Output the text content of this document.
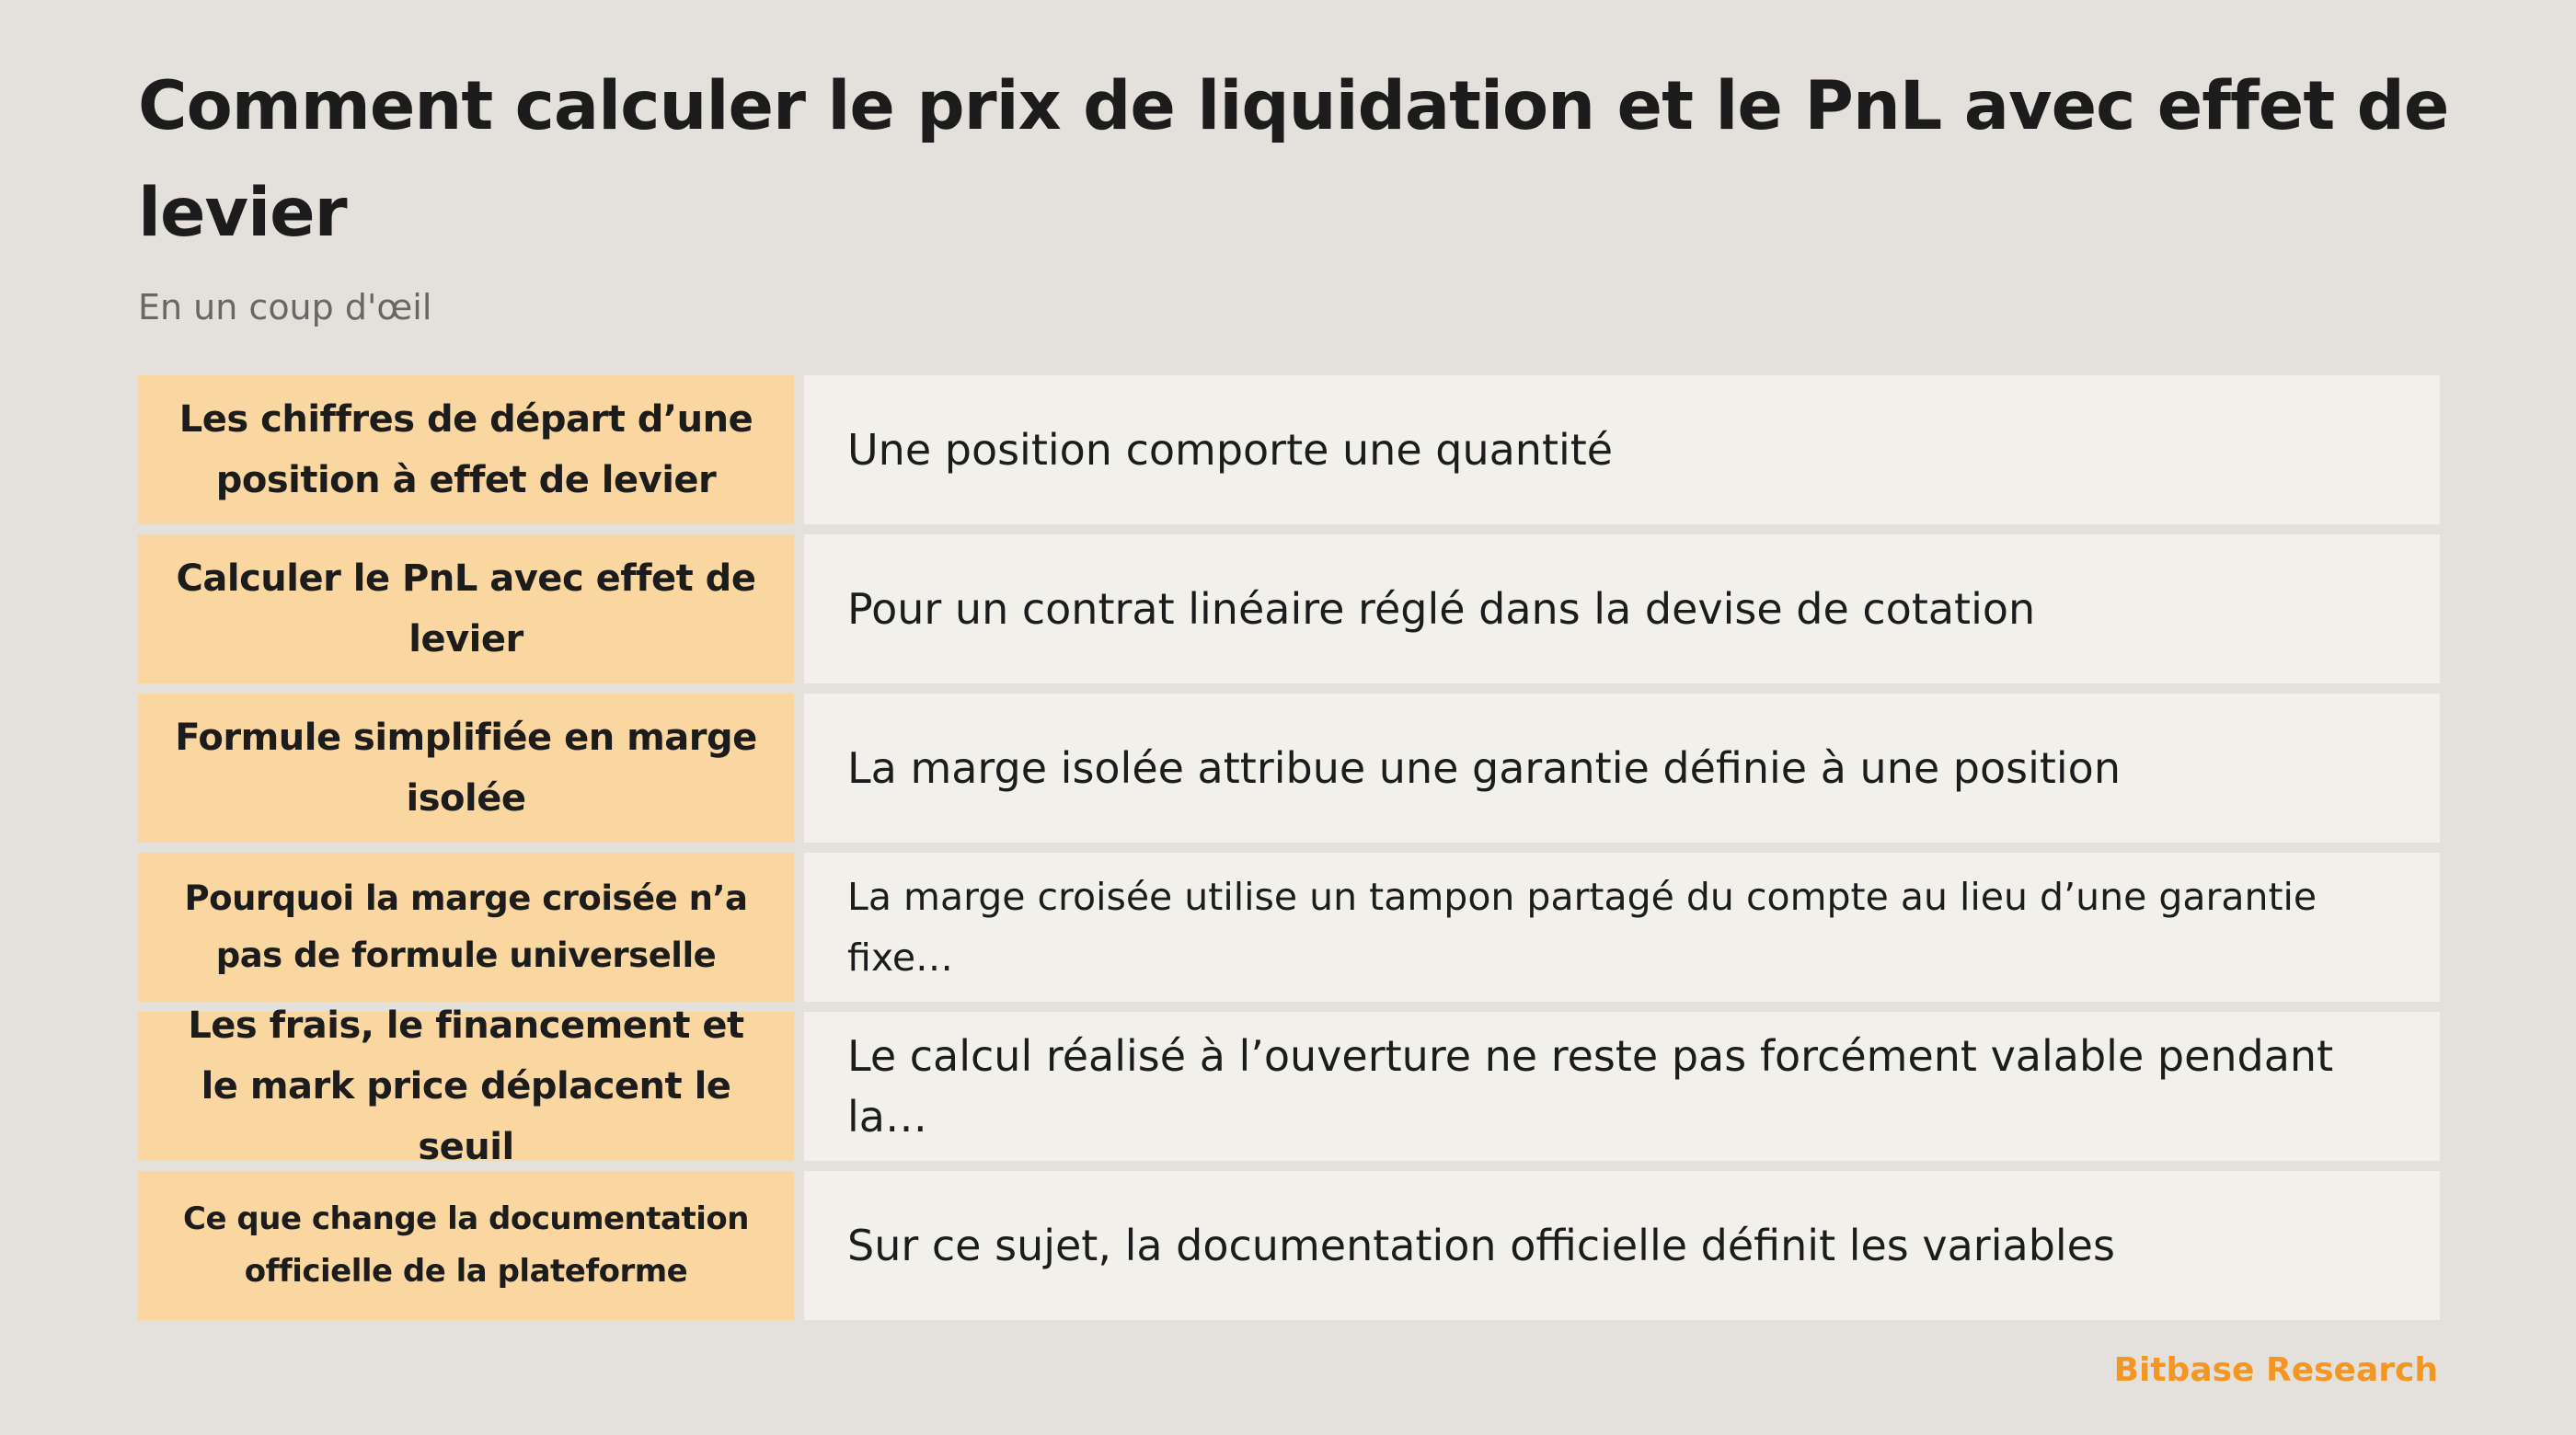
Comment calculer le prix de liquidation et le PnL avec effet de levier

En un coup d'œil

Les chiffres de départ d’une position à effet de levier
Une position comporte une quantité
Calculer le PnL avec effet de levier
Pour un contrat linéaire réglé dans la devise de cotation
Formule simplifiée en marge isolée
La marge isolée attribue une garantie définie à une position
Pourquoi la marge croisée n’a pas de formule universelle
La marge croisée utilise un tampon partagé du compte au lieu d’une garantie fixe…
Les frais, le financement et le mark price déplacent le seuil
Le calcul réalisé à l’ouverture ne reste pas forcément valable pendant la…
Ce que change la documentation officielle de la plateforme
Sur ce sujet, la documentation officielle définit les variables
Bitbase Research
